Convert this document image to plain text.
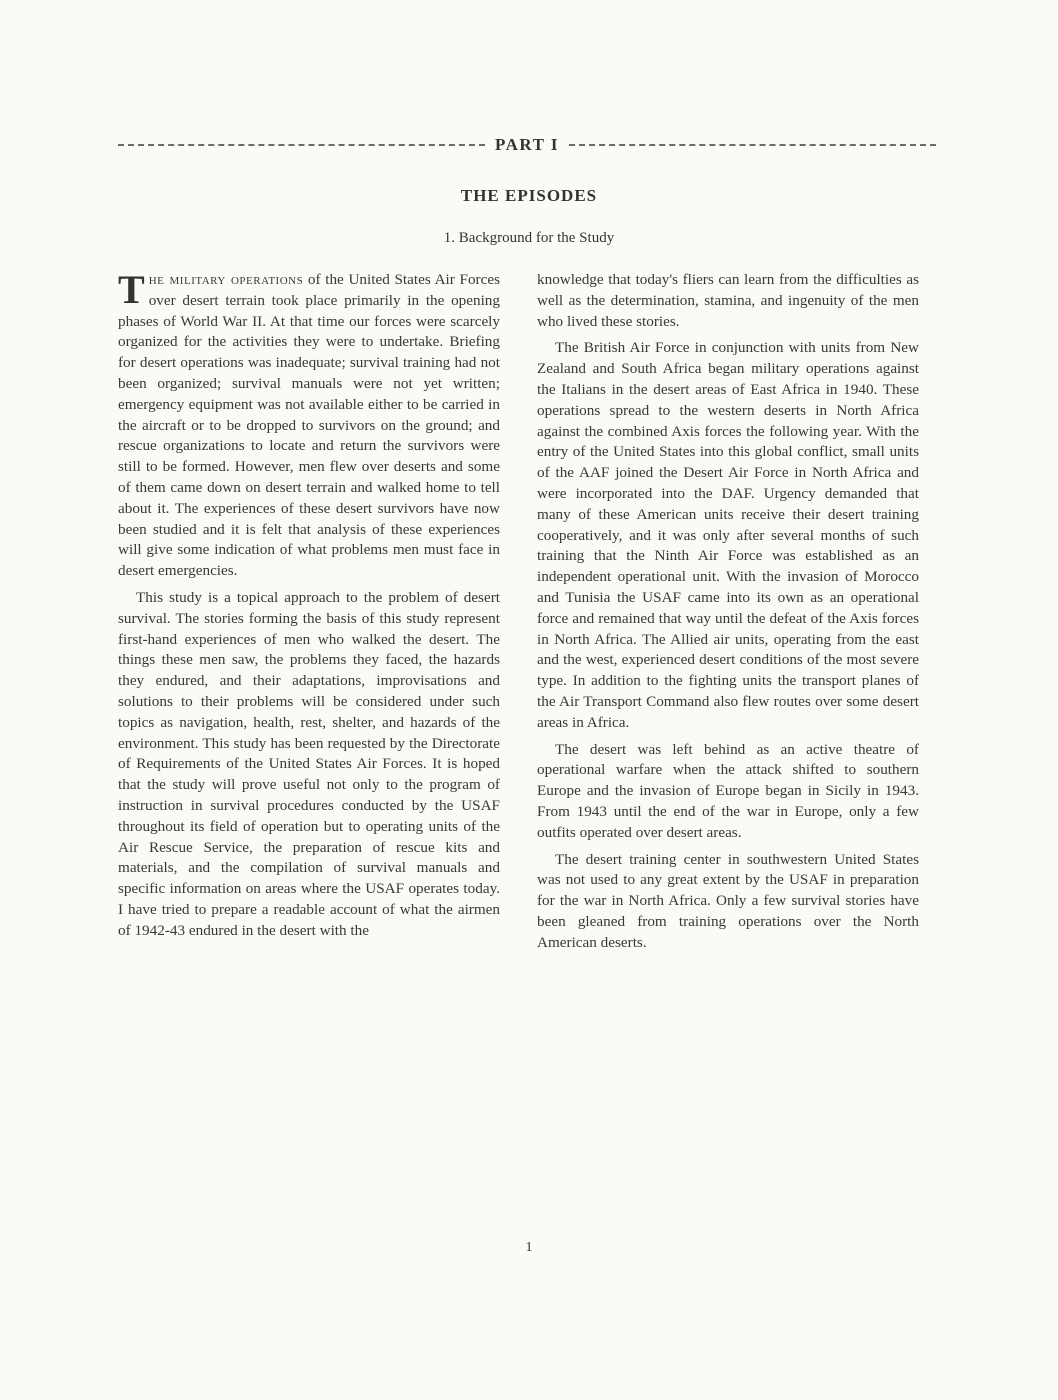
PART I
THE EPISODES
1. Background for the Study

The military operations of the United States Air Forces over desert terrain took place primarily in the opening phases of World War II. At that time our forces were scarcely organized for the activities they were to undertake. Briefing for desert operations was inadequate; survival training had not been organized; survival manuals were not yet written; emergency equipment was not available either to be carried in the aircraft or to be dropped to survivors on the ground; and rescue organizations to locate and return the survivors were still to be formed. However, men flew over deserts and some of them came down on desert terrain and walked home to tell about it. The experiences of these desert survivors have now been studied and it is felt that analysis of these experiences will give some indication of what problems men must face in desert emergencies.

This study is a topical approach to the problem of desert survival. The stories forming the basis of this study represent first-hand experiences of men who walked the desert. The things these men saw, the problems they faced, the hazards they endured, and their adaptations, improvisations and solutions to their problems will be considered under such topics as navigation, health, rest, shelter, and hazards of the environment. This study has been requested by the Directorate of Requirements of the United States Air Forces. It is hoped that the study will prove useful not only to the program of instruction in survival procedures conducted by the USAF throughout its field of operation but to operating units of the Air Rescue Service, the preparation of rescue kits and materials, and the compilation of survival manuals and specific information on areas where the USAF operates today. I have tried to prepare a readable account of what the airmen of 1942-43 endured in the desert with the

knowledge that today's fliers can learn from the difficulties as well as the determination, stamina, and ingenuity of the men who lived these stories.

The British Air Force in conjunction with units from New Zealand and South Africa began military operations against the Italians in the desert areas of East Africa in 1940. These operations spread to the western deserts in North Africa against the combined Axis forces the following year. With the entry of the United States into this global conflict, small units of the AAF joined the Desert Air Force in North Africa and were incorporated into the DAF. Urgency demanded that many of these American units receive their desert training cooperatively, and it was only after several months of such training that the Ninth Air Force was established as an independent operational unit. With the invasion of Morocco and Tunisia the USAF came into its own as an operational force and remained that way until the defeat of the Axis forces in North Africa. The Allied air units, operating from the east and the west, experienced desert conditions of the most severe type. In addition to the fighting units the transport planes of the Air Transport Command also flew routes over some desert areas in Africa.

The desert was left behind as an active theatre of operational warfare when the attack shifted to southern Europe and the invasion of Europe began in Sicily in 1943. From 1943 until the end of the war in Europe, only a few outfits operated over desert areas.

The desert training center in southwestern United States was not used to any great extent by the USAF in preparation for the war in North Africa. Only a few survival stories have been gleaned from training operations over the North American deserts.

1
